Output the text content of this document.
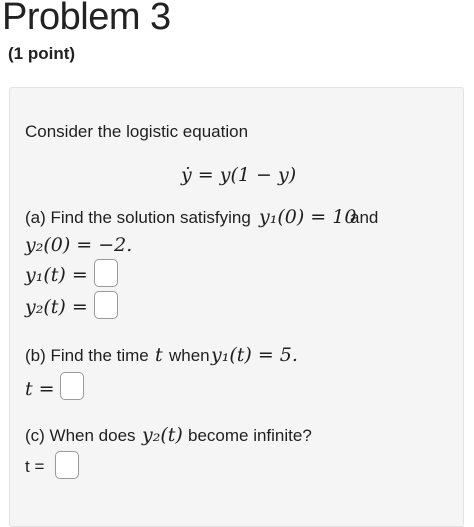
Problem 3
(1 point)
Consider the logistic equation
ẏ = y(1 − y)
(a) Find the solution satisfying y₁(0) = 10
and
y₂(0) = −2.
y₁(t) =
y₂(t) =
(b) Find the time t when y₁(t) = 5.
t =
(c) When does y₂(t) become infinite?
t =
